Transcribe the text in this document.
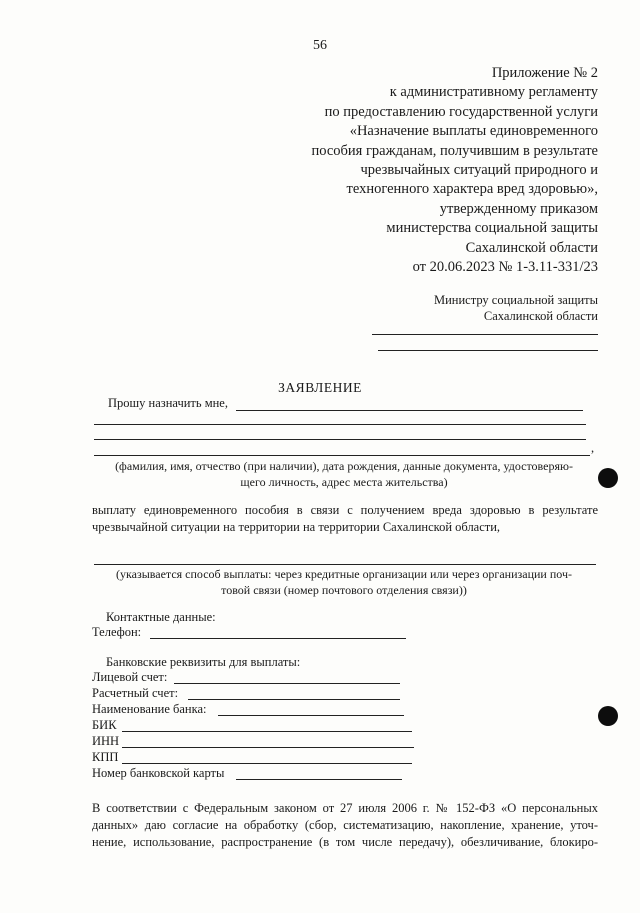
56
Приложение № 2
к административному регламенту
по предоставлению государственной услуги
«Назначение выплаты единовременного
пособия гражданам, получившим в результате
чрезвычайных ситуаций природного и
техногенного характера вред здоровью»,
утвержденному приказом
министерства социальной защиты
Сахалинской области
от 20.06.2023 № 1-3.11-331/23
Министру социальной защиты
Сахалинской области
ЗАЯВЛЕНИЕ
Прошу назначить мне,
,
(фамилия, имя, отчество (при наличии), дата рождения, данные документа, удостоверяю-
щего личность, адрес места жительства)
выплату единовременного пособия в связи с получением вреда здоровью в результате
чрезвычайной ситуации на территории на территории Сахалинской области,
(указывается способ выплаты: через кредитные организации или через организации поч-
товой связи (номер почтового отделения связи))
Контактные данные:
Телефон:
Банковские реквизиты для выплаты:
Лицевой счет:
Расчетный счет:
Наименование банка:
БИК
ИНН
КПП
Номер банковской карты
В соответствии с Федеральным законом от 27 июля 2006 г. № 152-ФЗ «О персональных
данных» даю согласие на обработку (сбор, систематизацию, накопление, хранение, уточ-
нение, использование, распространение (в том числе передачу), обезличивание, блокиро-
